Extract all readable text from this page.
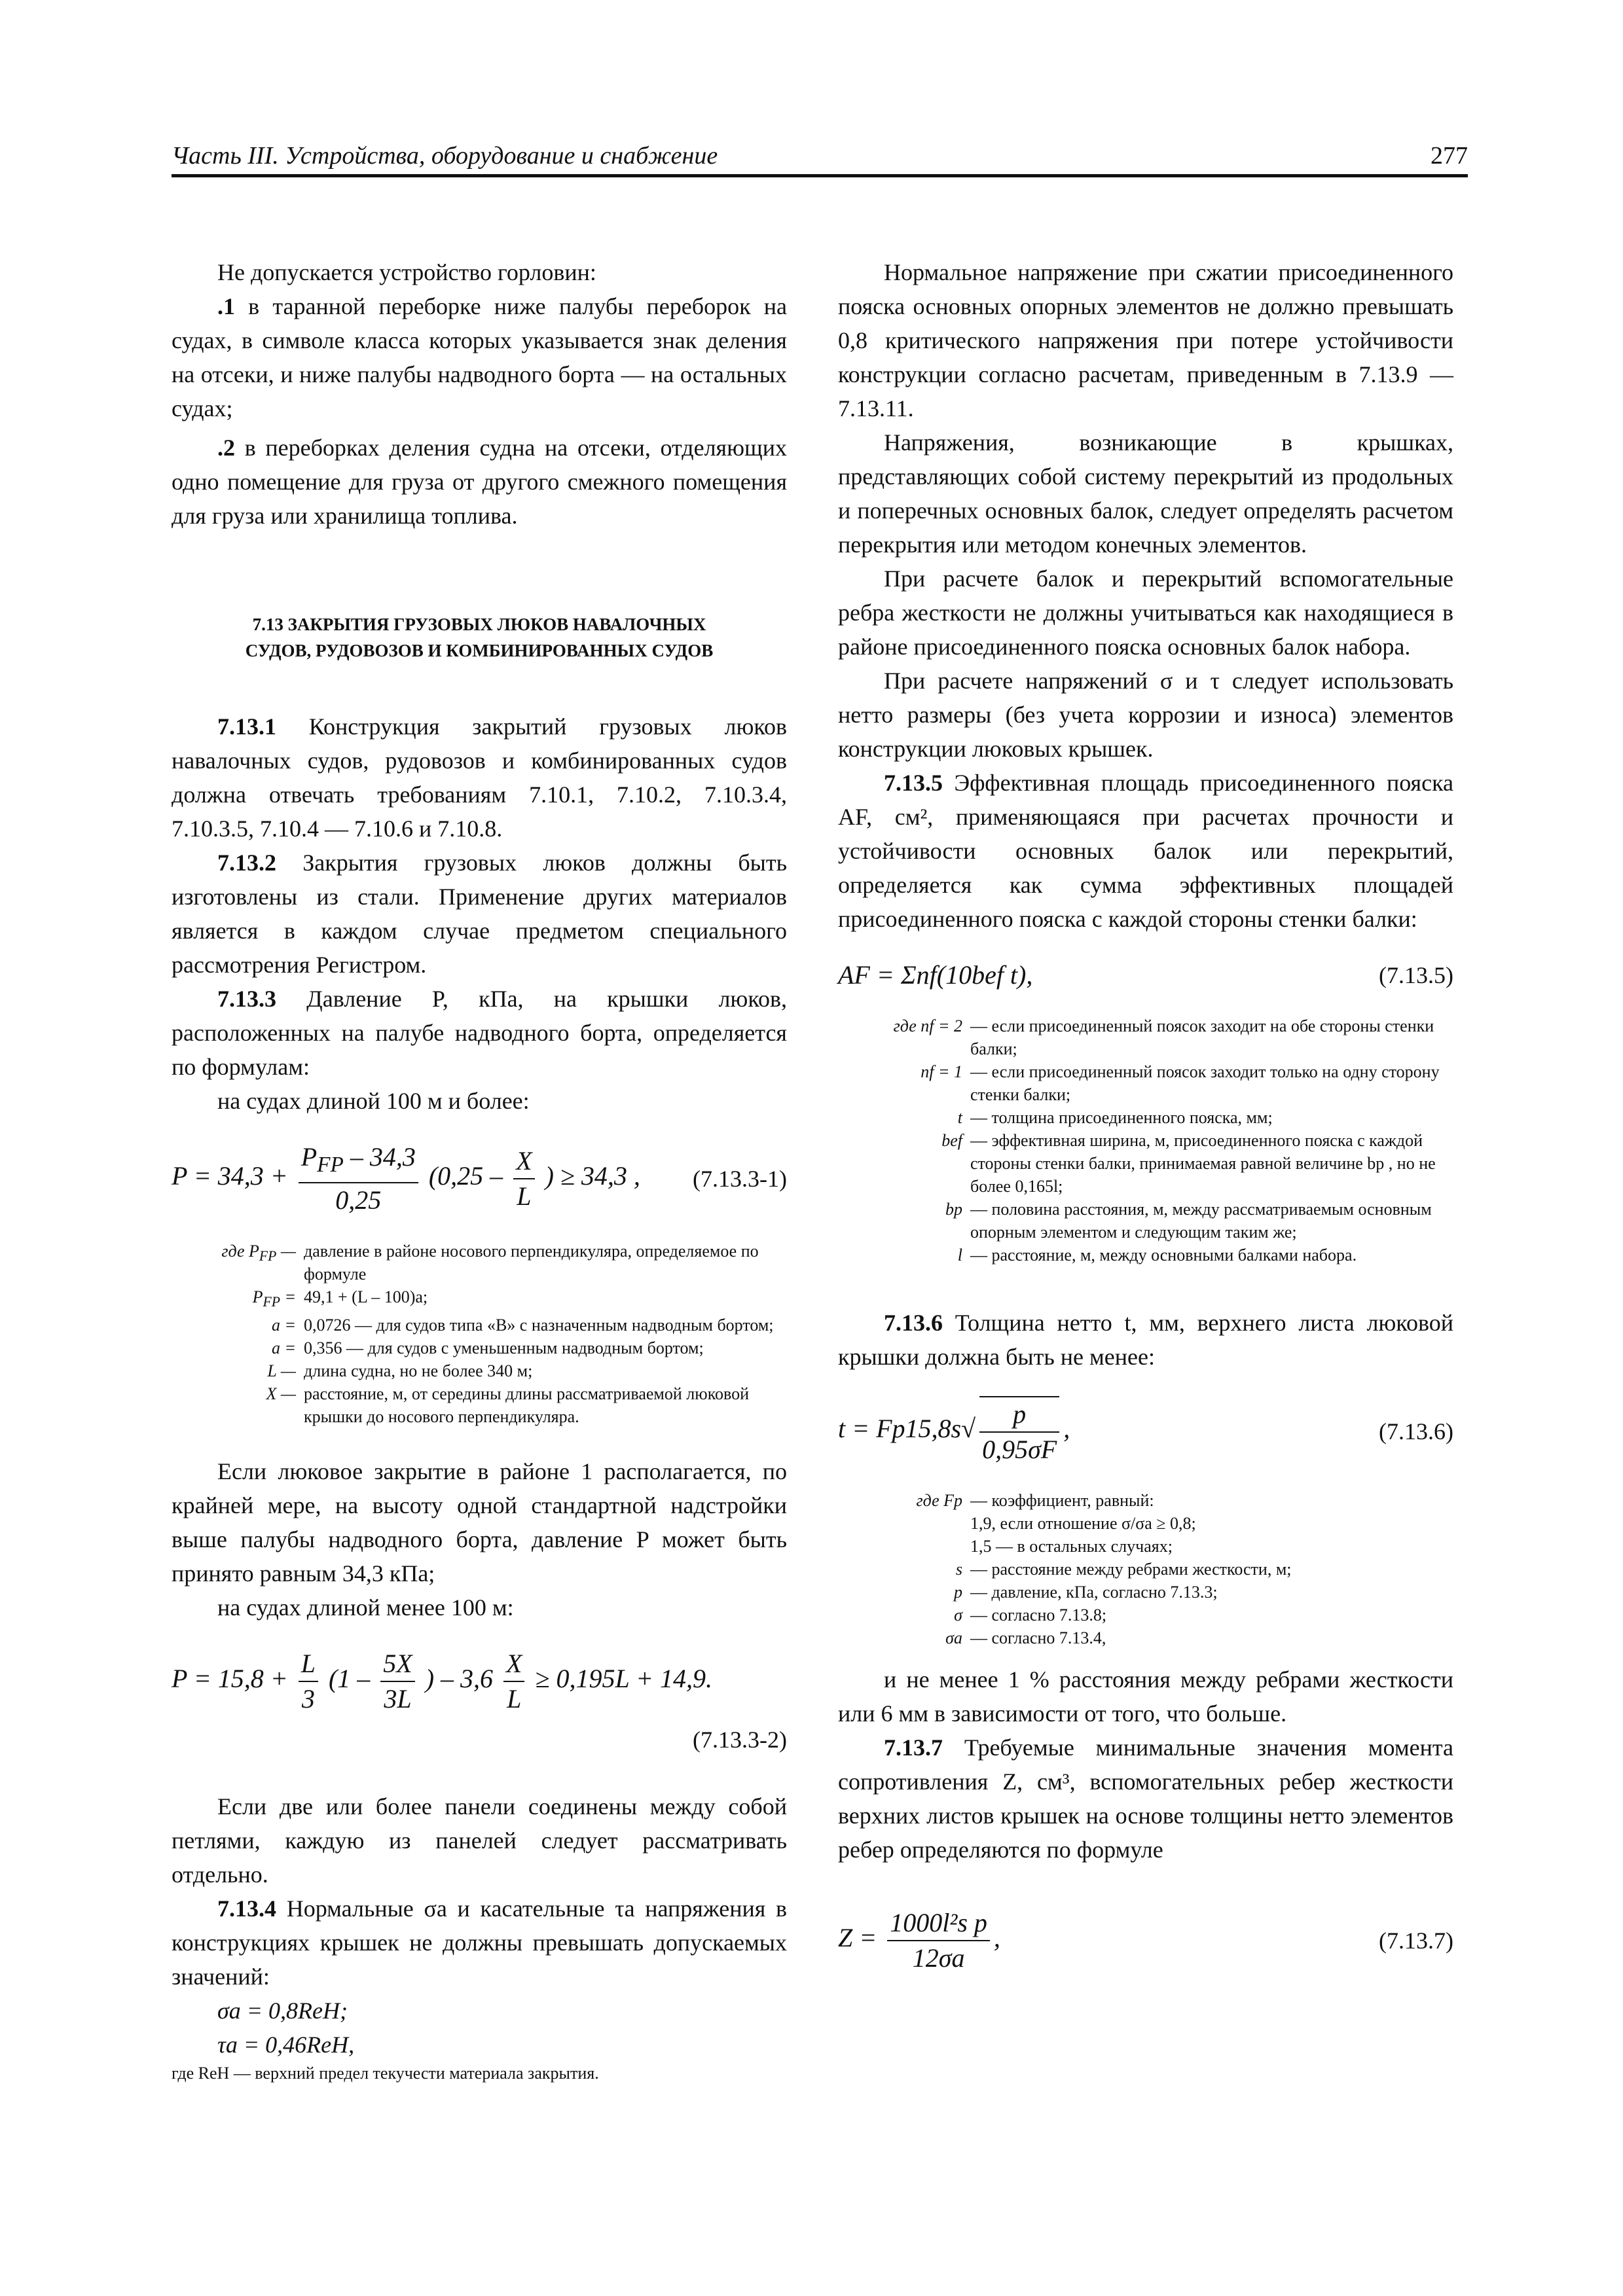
Часть III. Устройства, оборудование и снабжение	277

Не допускается устройство горловин:

.1 в таранной переборке ниже палубы переборок на судах, в символе класса которых указывается знак деления на отсеки, и ниже палубы надводного борта — на остальных судах;

.2 в переборках деления судна на отсеки, отделяющих одно помещение для груза от другого смежного помещения для груза или хранилища топлива.

7.13 ЗАКРЫТИЯ ГРУЗОВЫХ ЛЮКОВ НАВАЛОЧНЫХ
СУДОВ, РУДОВОЗОВ И КОМБИНИРОВАННЫХ СУДОВ

7.13.1 Конструкция закрытий грузовых люков навалочных судов, рудовозов и комбинированных судов должна отвечать требованиям 7.10.1, 7.10.2, 7.10.3.4, 7.10.3.5, 7.10.4 — 7.10.6 и 7.10.8.

7.13.2 Закрытия грузовых люков должны быть изготовлены из стали. Применение других материалов является в каждом случае предметом специального рассмотрения Регистром.

7.13.3 Давление P, кПа, на крышки люков, расположенных на палубе надводного борта, определяется по формулам:

на судах длиной 100 м и более:

$P = 34,3 + \frac{P_{FP} - 34,3}{0,25} (0,25 - \frac{X}{L}$ ) ≥ 34,3 , (7.13.3-1)
где $P_{FP}$ — давление в районе носового перпендикуляра, определяемое по формуле
$P_{FP} = 49,1 + (L - 100)a$;
a = 0,0726 — для судов типа «B» с назначенным надводным бортом;
a = 0,356 — для судов с уменьшенным надводным бортом;
L — длина судна, но не более 340 м;
X — расстояние, м, от середины длины рассматриваемой люковой крышки до носового перпендикуляра.

Если люковое закрытие в районе 1 располагается, по крайней мере, на высоту одной стандартной надстройки выше палубы надводного борта, давление P может быть принято равным 34,3 кПа;

на судах длиной менее 100 м:

$P = 15,8 + \frac{L}{3} (1 - \frac{5X}{3L}$ ) – $3,6 \frac{X}{L} \ge 0,195L + 14,9$.
(7.13.3-2)

Если две или более панели соединены между собой петлями, каждую из панелей следует рассматривать отдельно.

7.13.4 Нормальные σa и касательные τa напряжения в конструкциях крышек не должны превышать допускаемых значений:

σa = 0,8ReH;

τa = 0,46ReH,

где ReH — верхний предел текучести материала закрытия.

Нормальное напряжение при сжатии присоединенного пояска основных опорных элементов не должно превышать 0,8 критического напряжения при потере устойчивости конструкции согласно расчетам, приведенным в 7.13.9 — 7.13.11.

Напряжения, возникающие в крышках, представляющих собой систему перекрытий из продольных и поперечных основных балок, следует определять расчетом перекрытия или методом конечных элементов.

При расчете балок и перекрытий вспомогательные ребра жесткости не должны учитываться как находящиеся в районе присоединенного пояска основных балок набора.

При расчете напряжений σ и τ следует использовать нетто размеры (без учета коррозии и износа) элементов конструкции люковых крышек.

7.13.5 Эффективная площадь присоединенного пояска AF, см², применяющаяся при расчетах прочности и устойчивости основных балок или перекрытий, определяется как сумма эффективных площадей присоединенного пояска с каждой стороны стенки балки:

AF = Σnf(10bef t),	(7.13.5)
где nf = 2 — если присоединенный поясок заходит на обе стороны стенки балки;
nf = 1 — если присоединенный поясок заходит только на одну сторону стенки балки;
t — толщина присоединенного пояска, мм;
bef — эффективная ширина, м, присоединенного пояска с каждой стороны стенки балки, принимаемая равной величине bp , но не более 0,165l;
bp — половина расстояния, м, между рассматриваемым основным опорным элементом и следующим таким же;
l — расстояние, м, между основными балками набора.

7.13.6 Толщина нетто t, мм, верхнего листа люковой крышки должна быть не менее:

$t = Fp15,8s√ \frac{p}{0,95\sigma F}$ ,	(7.13.6)
где Fp — коэффициент, равный:
1,9, если отношение σ/σa ≥ 0,8;
1,5 — в остальных случаях;
s — расстояние между ребрами жесткости, м;
p — давление, кПа, согласно 7.13.3;
σ — согласно 7.13.8;
σa — согласно 7.13.4,

и не менее 1 % расстояния между ребрами жесткости или 6 мм в зависимости от того, что больше.

7.13.7 Требуемые минимальные значения момента сопротивления Z, см³, вспомогательных ребер жесткости верхних листов крышек на основе толщины нетто элементов ребер определяются по формуле

$Z = \frac{\text{1000l²s p}}{12\sigma a}$ ,	(7.13.7)
